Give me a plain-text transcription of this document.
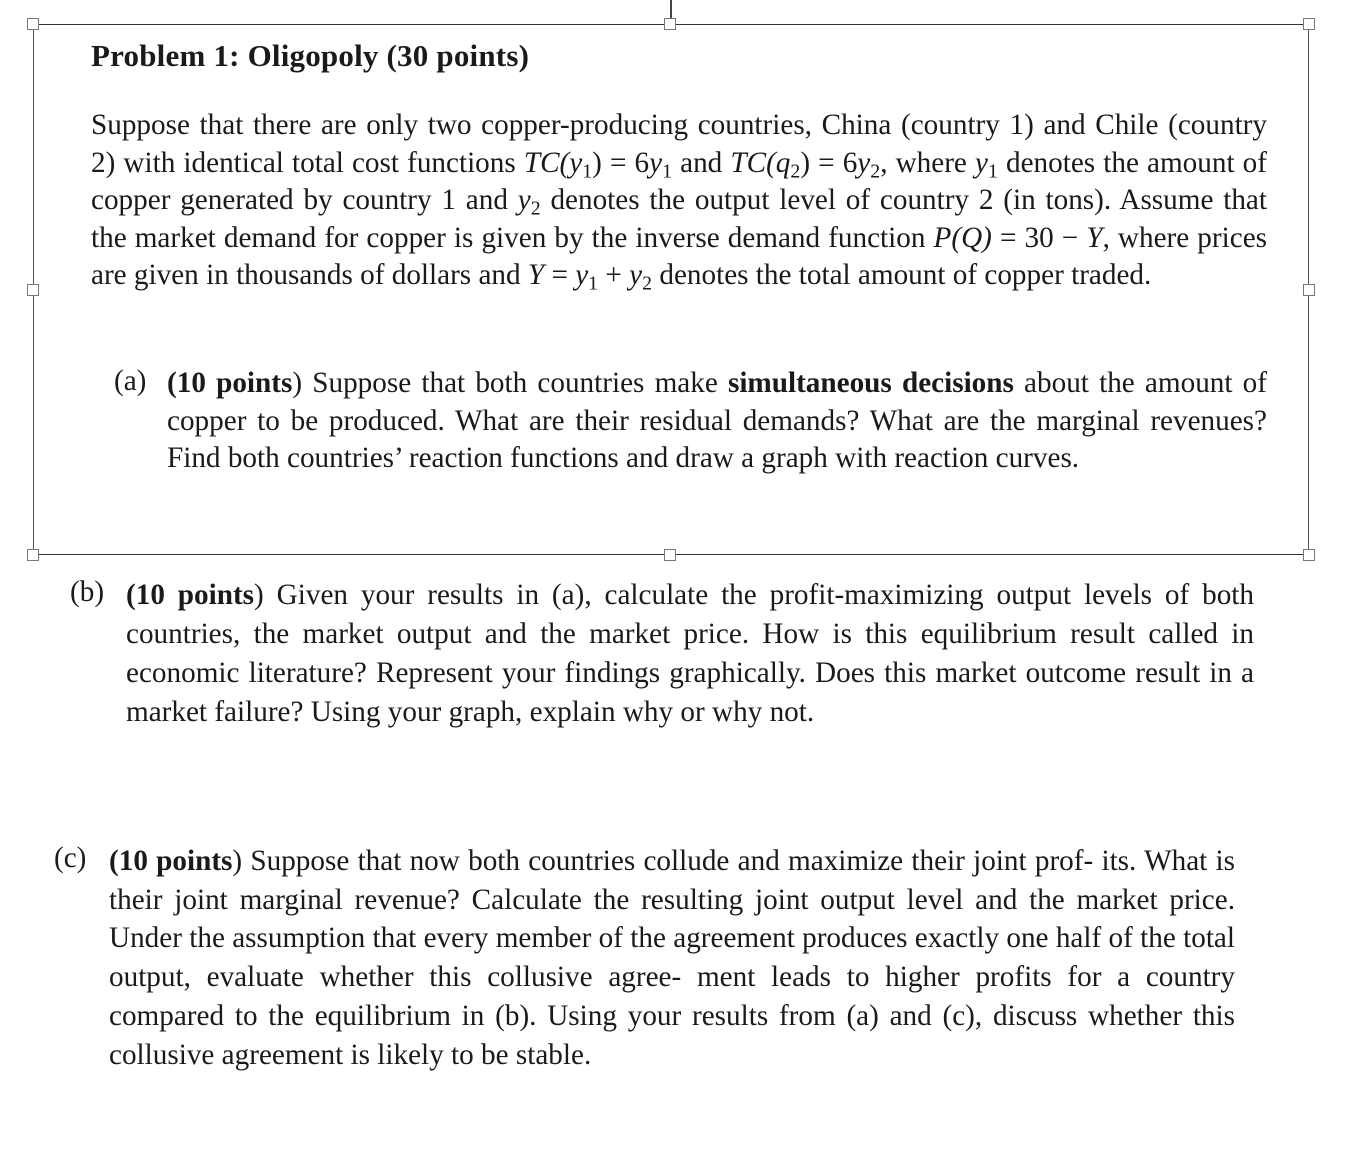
Problem 1: Oligopoly (30 points)

Suppose that there are only two copper-producing countries, China (country 1) and Chile (country 2) with identical total cost functions $TC(y_1) = 6y_1$ and $TC(q_2) = 6y_2$, where $y_1$ denotes the amount of copper generated by country 1 and $y_2$ denotes the output level of country 2 (in tons). Assume that the market demand for copper is given by the inverse demand function P(Q) = 30 − Y, where prices are given in thousands of dollars and $Y = y_1 + y_2$ denotes the total amount of copper traded.

(a) (10 points) Suppose that both countries make simultaneous decisions about the amount of copper to be produced. What are their residual demands? What are the marginal revenues? Find both countries’ reaction functions and draw a graph with reaction curves.

(b) (10 points) Given your results in (a), calculate the profit-maximizing output levels of both countries, the market output and the market price. How is this equilibrium result called in economic literature? Represent your findings graphically. Does this market outcome result in a market failure? Using your graph, explain why or why not.

(c) (10 points) Suppose that now both countries collude and maximize their joint prof- its. What is their joint marginal revenue? Calculate the resulting joint output level and the market price. Under the assumption that every member of the agreement produces exactly one half of the total output, evaluate whether this collusive agree- ment leads to higher profits for a country compared to the equilibrium in (b). Using your results from (a) and (c), discuss whether this collusive agreement is likely to be stable.
